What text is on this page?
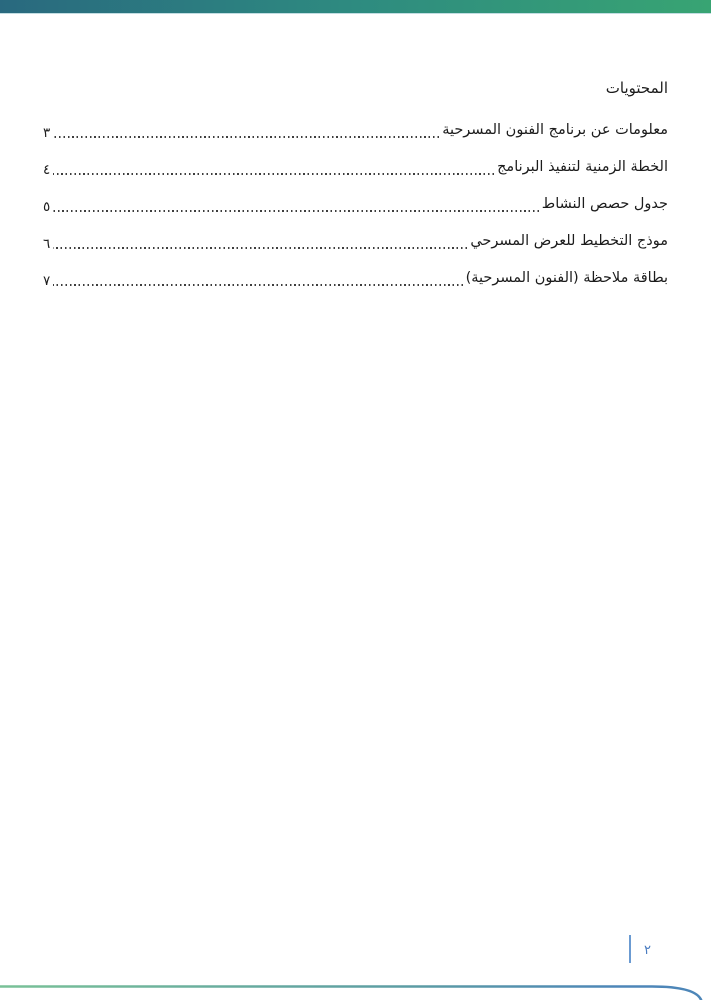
المحتويات
معلومات عن برنامج الفنون المسرحية
٣
الخطة الزمنية لتنفيذ البرنامج
٤
جدول حصص النشاط
٥
موذج التخطيط للعرض المسرحي
٦
بطاقة ملاحظة (الفنون المسرحية)
٧
٢
